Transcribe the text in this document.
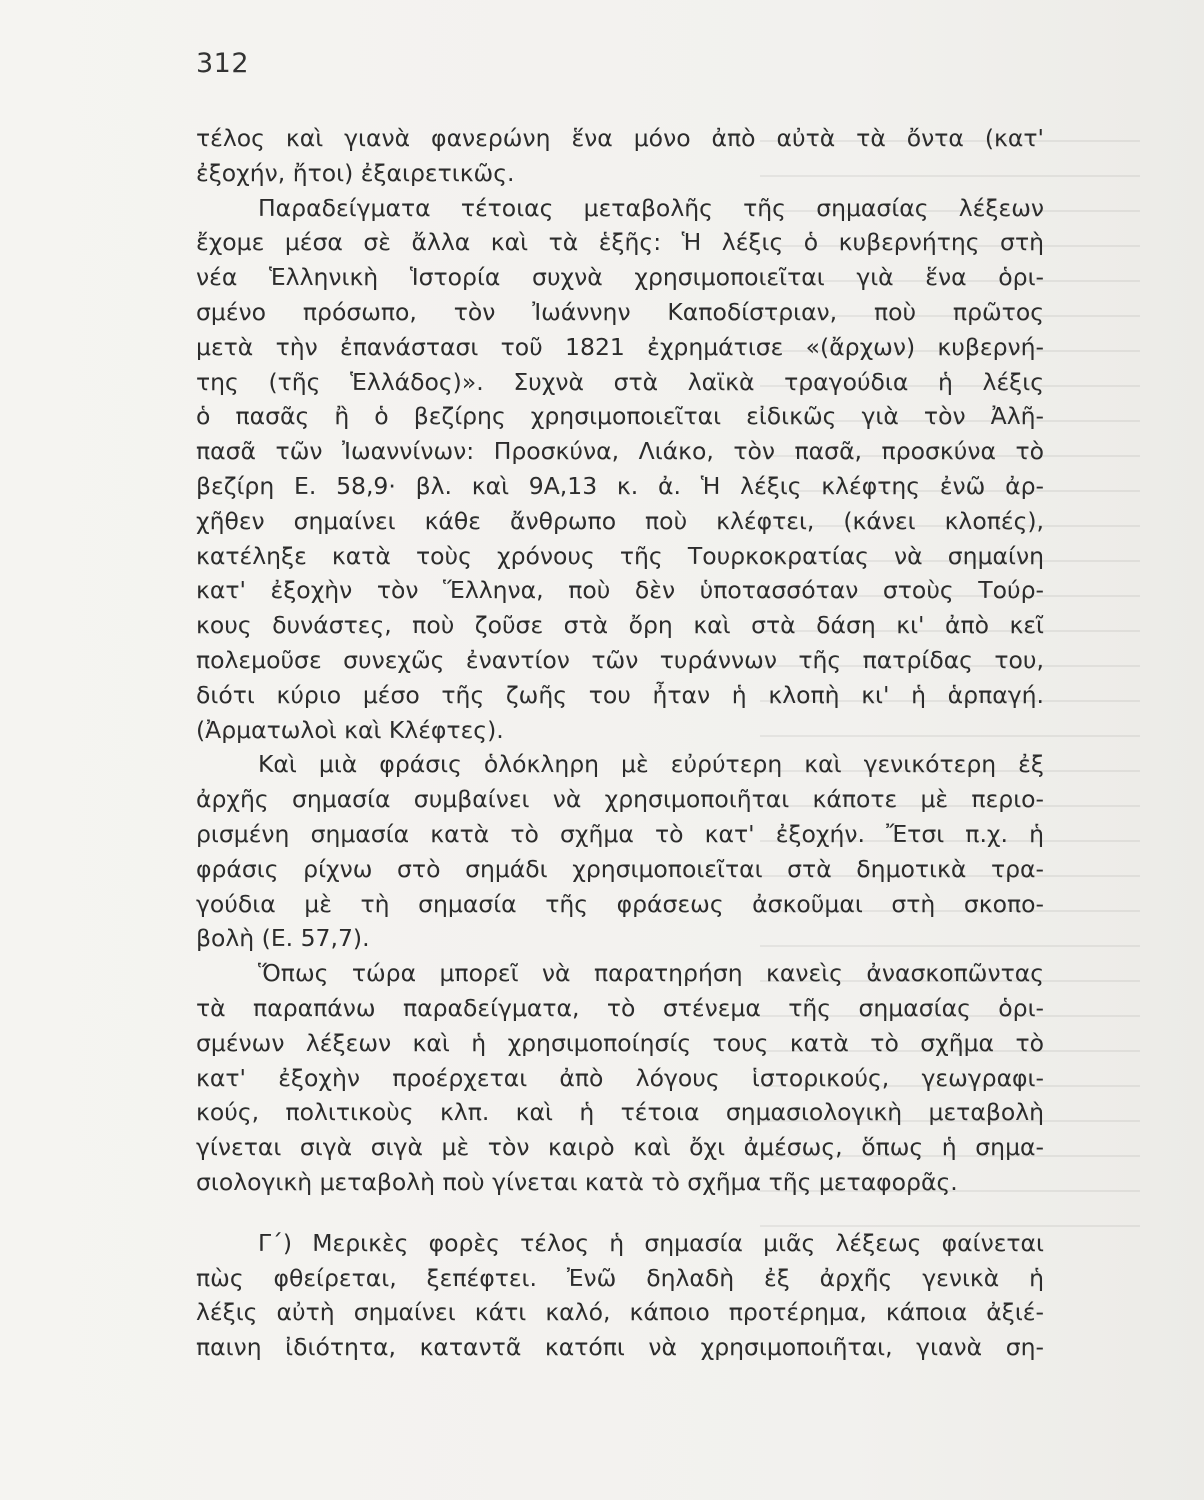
312
τέλος καὶ γιανὰ φανερώνη ἕνα μόνο ἀπὸ αὐτὰ τὰ ὄντα (κατ'
ἐξοχήν, ἤτοι) ἐξαιρετικῶς.
Παραδείγματα τέτοιας μεταβολῆς τῆς σημασίας λέξεων
ἔχομε μέσα σὲ ἄλλα καὶ τὰ ἑξῆς: Ἡ λέξις ὁ κυβερνήτης στὴ
νέα Ἑλληνικὴ Ἱστορία συχνὰ χρησιμοποιεῖται γιὰ ἕνα ὁρι-
σμένο πρόσωπο, τὸν Ἰωάννην Καποδίστριαν, ποὺ πρῶτος
μετὰ τὴν ἐπανάστασι τοῦ 1821 ἐχρημάτισε «(ἄρχων) κυβερνή-
της (τῆς Ἑλλάδος)». Συχνὰ στὰ λαϊκὰ τραγούδια ἡ λέξις
ὁ πασᾶς ἢ ὁ βεζίρης χρησιμοποιεῖται εἰδικῶς γιὰ τὸν Ἀλῆ-
πασᾶ τῶν Ἰωαννίνων: Προσκύνα, Λιάκο, τὸν πασᾶ, προσκύνα τὸ
βεζίρη Ε. 58,9· βλ. καὶ 9Α,13 κ. ἀ. Ἡ λέξις κλέφτης ἐνῶ ἀρ-
χῆθεν σημαίνει κάθε ἄνθρωπο ποὺ κλέφτει, (κάνει κλοπές),
κατέληξε κατὰ τοὺς χρόνους τῆς Τουρκοκρατίας νὰ σημαίνη
κατ' ἐξοχὴν τὸν Ἕλληνα, ποὺ δὲν ὑποτασσόταν στοὺς Τούρ-
κους δυνάστες, ποὺ ζοῦσε στὰ ὄρη καὶ στὰ δάση κι' ἀπὸ κεῖ
πολεμοῦσε συνεχῶς ἐναντίον τῶν τυράννων τῆς πατρίδας του,
διότι κύριο μέσο τῆς ζωῆς του ἦταν ἡ κλοπὴ κι' ἡ ἁρπαγή.
(Ἀρματωλοὶ καὶ Κλέφτες).
Καὶ μιὰ φράσις ὁλόκληρη μὲ εὐρύτερη καὶ γενικότερη ἐξ
ἀρχῆς σημασία συμβαίνει νὰ χρησιμοποιῆται κάποτε μὲ περιο-
ρισμένη σημασία κατὰ τὸ σχῆμα τὸ κατ' ἐξοχήν. Ἔτσι π.χ. ἡ
φράσις ρίχνω στὸ σημάδι χρησιμοποιεῖται στὰ δημοτικὰ τρα-
γούδια μὲ τὴ σημασία τῆς φράσεως ἀσκοῦμαι στὴ σκοπο-
βολὴ (Ε. 57,7).
Ὅπως τώρα μπορεῖ νὰ παρατηρήση κανεὶς ἀνασκοπῶντας
τὰ παραπάνω παραδείγματα, τὸ στένεμα τῆς σημασίας ὁρι-
σμένων λέξεων καὶ ἡ χρησιμοποίησίς τους κατὰ τὸ σχῆμα τὸ
κατ' ἐξοχὴν προέρχεται ἀπὸ λόγους ἱστορικούς, γεωγραφι-
κούς, πολιτικοὺς κλπ. καὶ ἡ τέτοια σημασιολογικὴ μεταβολὴ
γίνεται σιγὰ σιγὰ μὲ τὸν καιρὸ καὶ ὄχι ἀμέσως, ὅπως ἡ σημα-
σιολογικὴ μεταβολὴ ποὺ γίνεται κατὰ τὸ σχῆμα τῆς μεταφορᾶς.
Γ΄) Μερικὲς φορὲς τέλος ἡ σημασία μιᾶς λέξεως φαίνεται
πὼς φθείρεται, ξεπέφτει. Ἐνῶ δηλαδὴ ἐξ ἀρχῆς γενικὰ ἡ
λέξις αὐτὴ σημαίνει κάτι καλό, κάποιο προτέρημα, κάποια ἀξιέ-
παινη ἰδιότητα, καταντᾶ κατόπι νὰ χρησιμοποιῆται, γιανὰ ση-
